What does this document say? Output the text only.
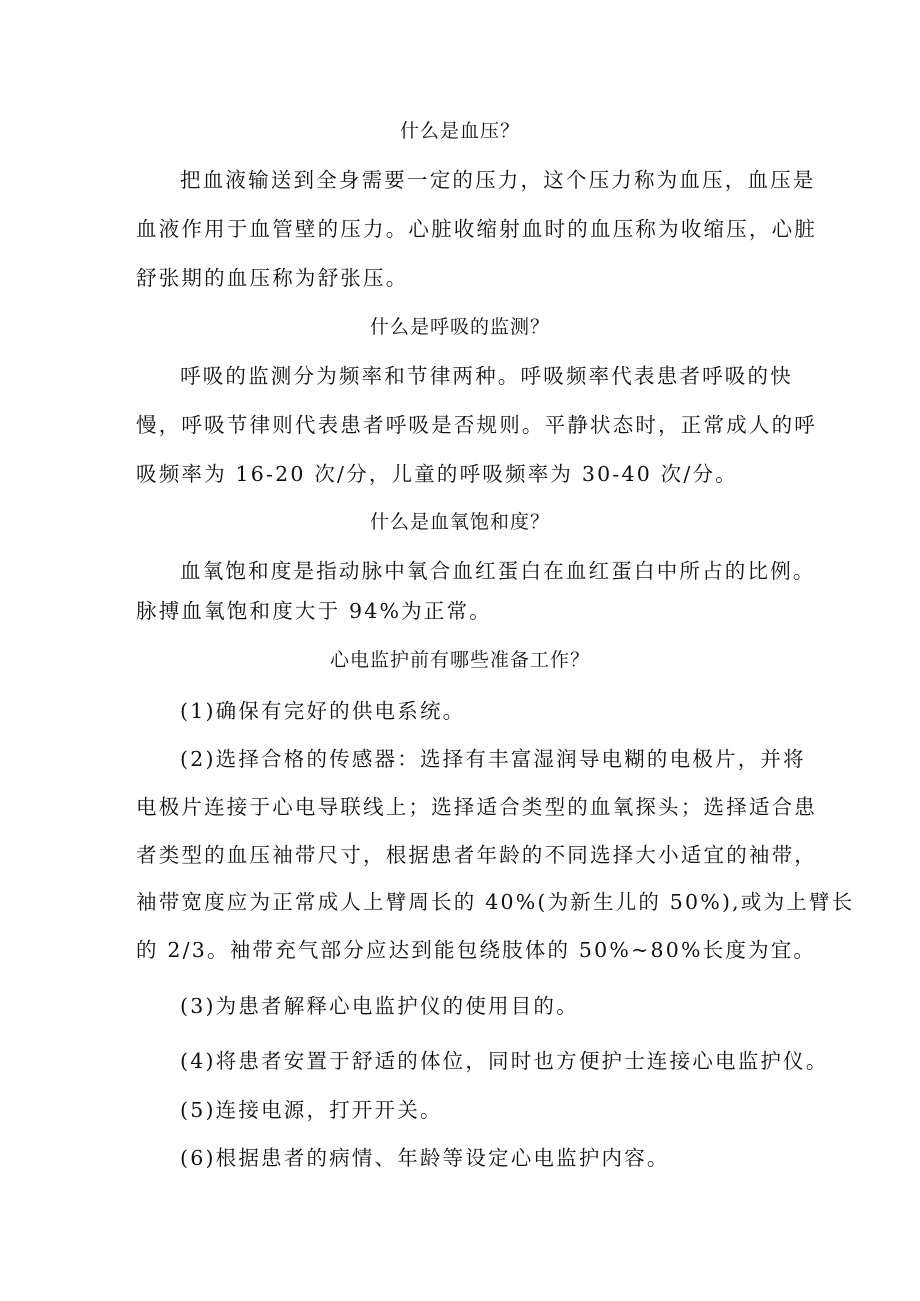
什么是血压？
把血液输送到全身需要一定的压力，这个压力称为血压，血压是
血液作用于血管壁的压力。心脏收缩射血时的血压称为收缩压，心脏
舒张期的血压称为舒张压。
什么是呼吸的监测？
呼吸的监测分为频率和节律两种。呼吸频率代表患者呼吸的快
慢，呼吸节律则代表患者呼吸是否规则。平静状态时，正常成人的呼
吸频率为 16-20 次/分，儿童的呼吸频率为 30-40 次/分。
什么是血氧饱和度？
血氧饱和度是指动脉中氧合血红蛋白在血红蛋白中所占的比例。
脉搏血氧饱和度大于 94%为正常。
心电监护前有哪些准备工作？
(1)确保有完好的供电系统。
(2)选择合格的传感器：选择有丰富湿润导电糊的电极片，并将
电极片连接于心电导联线上；选择适合类型的血氧探头；选择适合患
者类型的血压袖带尺寸，根据患者年龄的不同选择大小适宜的袖带，
袖带宽度应为正常成人上臂周长的 40%(为新生儿的 50%),或为上臂长
的 2/3。袖带充气部分应达到能包绕肢体的 50%~80%长度为宜。
(3)为患者解释心电监护仪的使用目的。
(4)将患者安置于舒适的体位，同时也方便护士连接心电监护仪。
(5)连接电源，打开开关。
(6)根据患者的病情、年龄等设定心电监护内容。
